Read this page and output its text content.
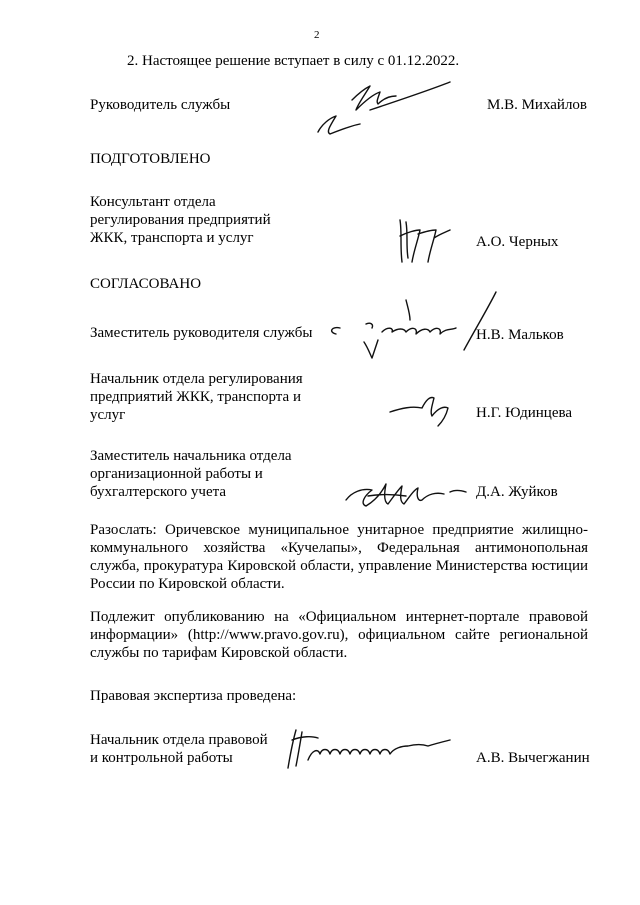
2
2. Настоящее решение вступает в силу с 01.12.2022.
Руководитель службы	М.В. Михайлов
ПОДГОТОВЛЕНО
Консультант отдела
регулирования предприятий
ЖКК, транспорта и услуг	А.О. Черных
СОГЛАСОВАНО
Заместитель руководителя службы	Н.В. Мальков
Начальник отдела регулирования
предприятий ЖКК, транспорта и
услуг	Н.Г. Юдинцева
Заместитель начальника отдела
организационной работы и
бухгалтерского учета	Д.А. Жуйков
Разослать: Оричевское муниципальное унитарное предприятие жилищно-коммунального хозяйства «Кучелапы», Федеральная антимонопольная служба, прокуратура Кировской области, управление Министерства юстиции России по Кировской области.
Подлежит опубликованию на «Официальном интернет-портале правовой информации» (http://www.pravo.gov.ru), официальном сайте региональной службы по тарифам Кировской области.
Правовая экспертиза проведена:
Начальник отдела правовой
и контрольной работы	А.В. Вычегжанин
